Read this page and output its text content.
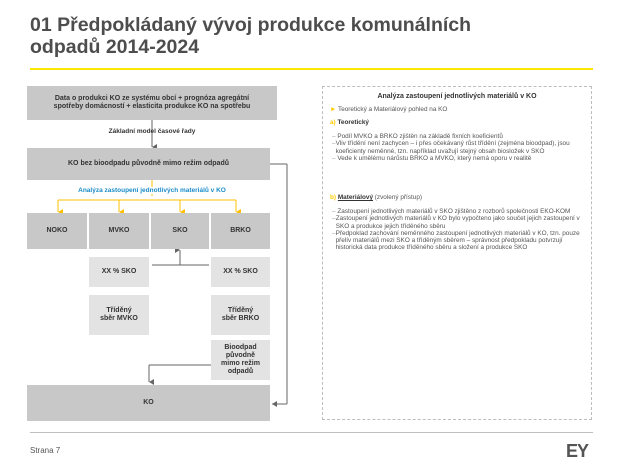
01 Předpokládaný vývoj produkce komunálních
odpadů 2014-2024
Data o produkci KO ze systému obcí + prognóza agregátní spotřeby domácností + elasticita produkce KO na spotřebu
Základní model časové řady
KO bez bioodpadu původně mimo režim odpadů
Analýza zastoupení jednotlivých materiálů v KO
NOKO	MVKO	SKO	BRKO
XX % SKO	XX % SKO
Tříděný sběr MVKO
Tříděný sběr BRKO
Bioodpad původně mimo režim odpadů
KO
Analýza zastoupení jednotlivých materiálů v KO
► Teoretický a Materiálový pohled na KO
a) Teoretický
– Podíl MVKO a BRKO zjištěn na základě fixních koeficientů
–
Vliv třídění není zachycen – i přes očekávaný růst třídění (zejména bioodpad), jsou koeficienty neměnné, tzn. například uvažují stejný obsah biosložek v SKO
– Vede k umělému nárůstu BRKO a MVKO, který nemá oporu v realitě
b) Materiálový (zvolený přístup)
– Zastoupení jednotlivých materiálů v SKO zjištěno z rozborů společnosti EKO-KOM
–
Zastoupení jednotlivých materiálů v KO bylo vypočteno jako součet jejich zastoupení v SKO a produkce jejich tříděného sběru
–
Předpoklad zachování neměnného zastoupení jednotlivých materiálů v KO, tzn. pouze přelív materiálů mezi SKO a tříděným sběrem – správnost předpokladu potvrzují historická data produkce tříděného sběru a složení a produkce SKO
Strana 7	EY
